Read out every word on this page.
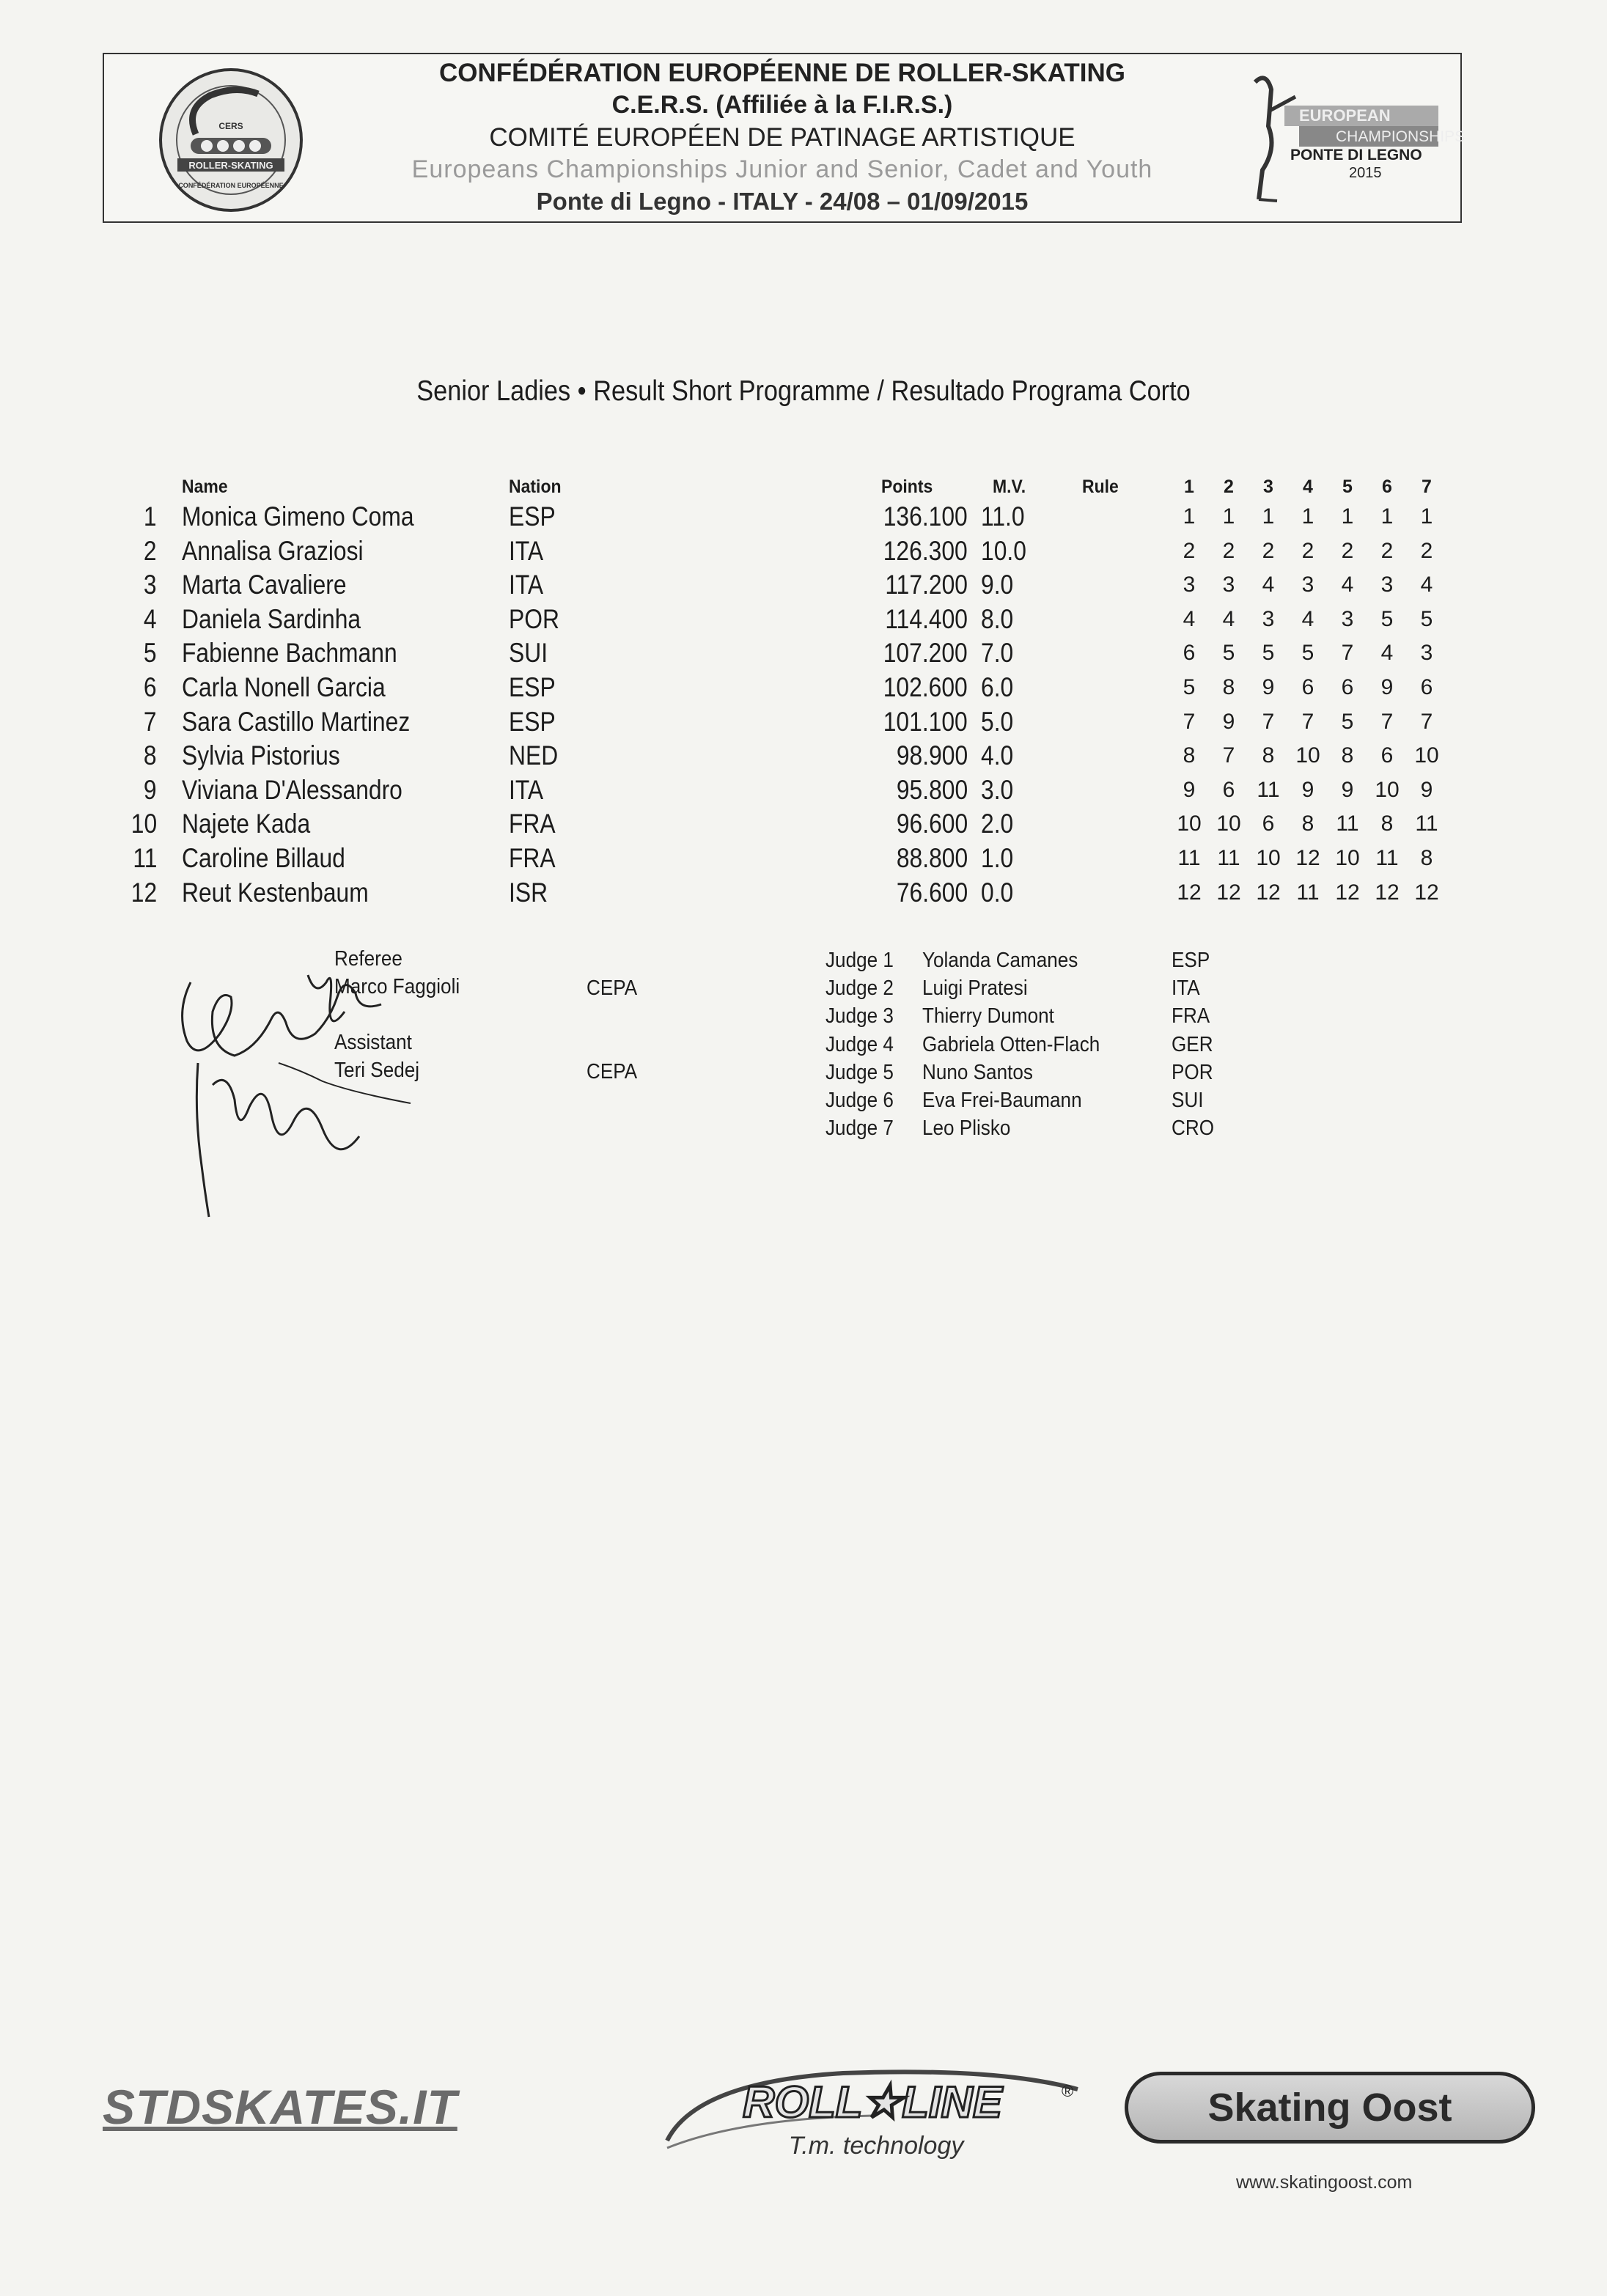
ROLLER-SKATING
CONFÉDÉRATION EUROPÉENNE
CERS
CONFÉDÉRATION EUROPÉENNE DE ROLLER-SKATING
C.E.R.S. (Affiliée à la F.I.R.S.)
COMITÉ EUROPÉEN DE PATINAGE ARTISTIQUE
Europeans Championships Junior and Senior, Cadet and Youth
Ponte di Legno - ITALY - 24/08 – 01/09/2015
EUROPEAN
CHAMPIONSHIPS
PONTE DI LEGNO
2015
Senior Ladies • Result Short Programme / Resultado Programa Corto
Name	Nation	Points	M.V.	Rule	1	2	3	4	5	6	7
1 Monica Gimeno Coma	ESP	136.100 11.0	1	1	1	1	1	1	1
2 Annalisa Graziosi	ITA	126.300 10.0	2	2	2	2	2	2	2
3 Marta Cavaliere	ITA	117.200 9.0	3	3	4	3	4	3	4
4 Daniela Sardinha	POR	114.400 8.0	4	4	3	4	3	5	5
5 Fabienne Bachmann	SUI	107.200 7.0	6	5	5	5	7	4	3
6 Carla Nonell Garcia	ESP	102.600 6.0	5	8	9	6	6	9	6
7 Sara Castillo Martinez	ESP	101.100 5.0	7	9	7	7	5	7	7
8 Sylvia Pistorius	NED	98.900 4.0	8	7	8 10 8	6 10
9 Viviana D'Alessandro	ITA	95.800 3.0	9	6	11	9	9 10 9
10 Najete Kada	FRA	96.600 2.0	10 10 6	8	11	8	11
11 Caroline Billaud	FRA	88.800 1.0	11 11 10 12 10 11	8
12 Reut Kestenbaum	ISR	76.600 0.0	12 12 12 11 12 12 12
Referee
Marco Faggioli	CEPA
Assistant
Teri Sedej	CEPA
Judge 1 Yolanda Camanes	ESP
Judge 2 Luigi Pratesi	ITA
Judge 3 Thierry Dumont	FRA
Judge 4 Gabriela Otten-Flach	GER
Judge 5 Nuno Santos	POR
Judge 6 Eva Frei-Baumann	SUI
Judge 7 Leo Plisko	CRO
STDSKATES.IT	ROLL★LINE	®
T.m. technology
Skating Oost
www.skatingoost.com
